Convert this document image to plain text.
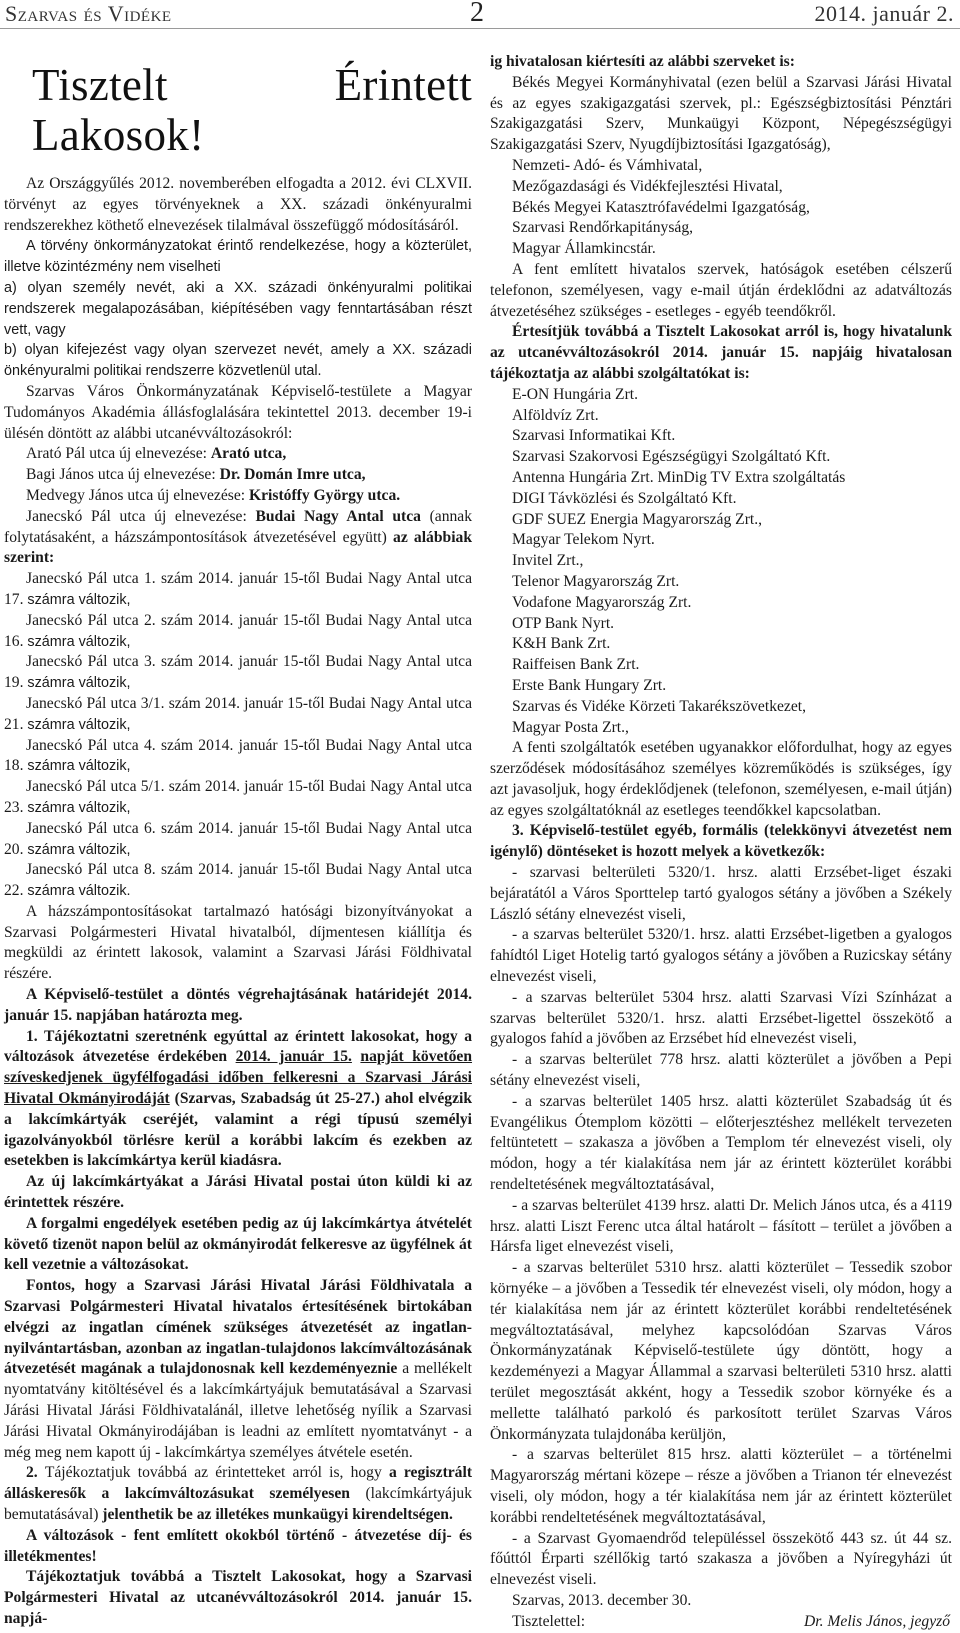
Szarvas és Vidéke	2	2014. január 2.
Tisztelt Érintett Lakosok!

Az Országgyűlés 2012. novemberében elfogadta a 2012. évi CLXVII. törvényt az egyes törvényeknek a XX. századi önkényuralmi rendszerekhez köthető elnevezések tilalmával összefüggő módosításáról.

A törvény önkormányzatokat érintő rendelkezése, hogy a közterület, illetve közintézmény nem viselheti

a) olyan személy nevét, aki a XX. századi önkényuralmi politikai rendszerek megalapozásában, kiépítésében vagy fenntartásában részt vett, vagy

b) olyan kifejezést vagy olyan szervezet nevét, amely a XX. századi önkényuralmi politikai rendszerre közvetlenül utal.

Szarvas Város Önkormányzatának Képviselő-testülete a Magyar Tudományos Akadémia állásfoglalására tekintettel 2013. december 19-i ülésén döntött az alábbi utcanévváltozásokról:

Arató Pál utca új elnevezése: Arató utca,

Bagi János utca új elnevezése: Dr. Domán Imre utca,

Medvegy János utca új elnevezése: Kristóffy György utca.

Janecskó Pál utca új elnevezése: Budai Nagy Antal utca (annak folytatásaként, a házszámpontosítások átvezetésével együtt) az alábbiak szerint:

Janecskó Pál utca 1. szám 2014. január 15-től Budai Nagy Antal utca 17. számra változik,

Janecskó Pál utca 2. szám 2014. január 15-től Budai Nagy Antal utca 16. számra változik,

Janecskó Pál utca 3. szám 2014. január 15-től Budai Nagy Antal utca 19. számra változik,

Janecskó Pál utca 3/1. szám 2014. január 15-től Budai Nagy Antal utca 21. számra változik,

Janecskó Pál utca 4. szám 2014. január 15-től Budai Nagy Antal utca 18. számra változik,

Janecskó Pál utca 5/1. szám 2014. január 15-től Budai Nagy Antal utca 23. számra változik,

Janecskó Pál utca 6. szám 2014. január 15-től Budai Nagy Antal utca 20. számra változik,

Janecskó Pál utca 8. szám 2014. január 15-től Budai Nagy Antal utca 22. számra változik.

A házszámpontosításokat tartalmazó hatósági bizonyítványokat a Szarvasi Polgármesteri Hivatal hivatalból, díjmentesen kiállítja és megküldi az érintett lakosok, valamint a Szarvasi Járási Földhivatal részére.

A Képviselő-testület a döntés végrehajtásának határidejét 2014. január 15. napjában határozta meg.

1. Tájékoztatni szeretnénk egyúttal az érintett lakosokat, hogy a változások átvezetése érdekében 2014. január 15. napját követően szíveskedjenek ügyfélfogadási időben felkeresni a Szarvasi Járási Hivatal Okmányirodáját (Szarvas, Szabadság út 25-27.) ahol elvégzik a lakcímkártyák cseréjét, valamint a régi típusú személyi igazolványokból törlésre kerül a korábbi lakcím és ezekben az esetekben is lakcímkártya kerül kiadásra.

Az új lakcímkártyákat a Járási Hivatal postai úton küldi ki az érintettek részére.

A forgalmi engedélyek esetében pedig az új lakcímkártya átvételét követő tizenöt napon belül az okmányirodát felkeresve az ügyfélnek át kell vezetnie a változásokat.

Fontos, hogy a Szarvasi Járási Hivatal Járási Földhivatala a Szarvasi Polgármesteri Hivatal hivatalos értesítésének birtokában elvégzi az ingatlan címének szükséges átvezetését az ingatlan-nyilvántartásban, azonban az ingatlan-tulajdonos lakcímváltozásának átvezetését magának a tulajdonosnak kell kezdeményeznie a mellékelt nyomtatvány kitöltésével és a lakcímkártyájuk bemutatásával a Szarvasi Járási Hivatal Járási Földhivatalánál, illetve lehetőség nyílik a Szarvasi Járási Hivatal Okmányirodájában is leadni az említett nyomtatványt - a még meg nem kapott új - lakcímkártya személyes átvétele esetén.

2. Tájékoztatjuk továbbá az érintetteket arról is, hogy a regisztrált álláskeresők a lakcímváltozásukat személyesen (lakcímkártyájuk bemutatásával) jelenthetik be az illetékes munkaügyi kirendeltségen.

A változások - fent említett okokból történő - átvezetése díj- és illetékmentes!

Tájékoztatjuk továbbá a Tisztelt Lakosokat, hogy a Szarvasi Polgármesteri Hivatal az utcanévváltozásokról 2014. január 15. napjá-

ig hivatalosan kiértesíti az alábbi szerveket is:

Békés Megyei Kormányhivatal (ezen belül a Szarvasi Járási Hivatal és az egyes szakigazgatási szervek, pl.: Egészségbiztosítási Pénztári Szakigazgatási Szerv, Munkaügyi Központ, Népegészségügyi Szakigazgatási Szerv, Nyugdíjbiztosítási Igazgatóság),

Nemzeti- Adó- és Vámhivatal,

Mezőgazdasági és Vidékfejlesztési Hivatal,

Békés Megyei Katasztrófavédelmi Igazgatóság,

Szarvasi Rendőrkapitányság,

Magyar Államkincstár.

A fent említett hivatalos szervek, hatóságok esetében célszerű telefonon, személyesen, vagy e-mail útján érdeklődni az adatváltozás átvezetéséhez szükséges - esetleges - egyéb teendőkről.

Értesítjük továbbá a Tisztelt Lakosokat arról is, hogy hivatalunk az utcanévváltozásokról 2014. január 15. napjáig hivatalosan tájékoztatja az alábbi szolgáltatókat is:

E-ON Hungária Zrt.

Alföldvíz Zrt.

Szarvasi Informatikai Kft.

Szarvasi Szakorvosi Egészségügyi Szolgáltató Kft.

Antenna Hungária Zrt. MinDig TV Extra szolgáltatás

DIGI Távközlési és Szolgáltató Kft.

GDF SUEZ Energia Magyarország Zrt.,

Magyar Telekom Nyrt.

Invitel Zrt.,

Telenor Magyarország Zrt.

Vodafone Magyarország Zrt.

OTP Bank Nyrt.

K&H Bank Zrt.

Raiffeisen Bank Zrt.

Erste Bank Hungary Zrt.

Szarvas és Vidéke Körzeti Takarékszövetkezet,

Magyar Posta Zrt.,

A fenti szolgáltatók esetében ugyanakkor előfordulhat, hogy az egyes szerződések módosításához személyes közreműködés is szükséges, így azt javasoljuk, hogy érdeklődjenek (telefonon, személyesen, e-mail útján) az egyes szolgáltatóknál az esetleges teendőkkel kapcsolatban.

3. Képviselő-testület egyéb, formális (telekkönyvi átvezetést nem igénylő) döntéseket is hozott melyek a következők:

- szarvasi belterületi 5320/1. hrsz. alatti Erzsébet-liget északi bejáratától a Város Sporttelep tartó gyalogos sétány a jövőben a Székely László sétány elnevezést viseli,

- a szarvas belterület 5320/1. hrsz. alatti Erzsébet-ligetben a gyalogos fahídtól Liget Hotelig tartó gyalogos sétány a jövőben a Ruzicskay sétány elnevezést viseli,

- a szarvas belterület 5304 hrsz. alatti Szarvasi Vízi Színházat a szarvas belterület 5320/1. hrsz. alatti Erzsébet-ligettel összekötő a gyalogos fahíd a jövőben az Erzsébet híd elnevezést viseli,

- a szarvas belterület 778 hrsz. alatti közterület a jövőben a Pepi sétány elnevezést viseli,

- a szarvas belterület 1405 hrsz. alatti közterület Szabadság út és Evangélikus Ótemplom közötti – előterjesztéshez mellékelt tervezeten feltüntetett – szakasza a jövőben a Templom tér elnevezést viseli, oly módon, hogy a tér kialakítása nem jár az érintett közterület korábbi rendeltetésének megváltoztatásával,

- a szarvas belterület 4139 hrsz. alatti Dr. Melich János utca, és a 4119 hrsz. alatti Liszt Ferenc utca által határolt – fásított – terület a jövőben a Hársfa liget elnevezést viseli,

- a szarvas belterület 5310 hrsz. alatti közterület – Tessedik szobor környéke – a jövőben a Tessedik tér elnevezést viseli, oly módon, hogy a tér kialakítása nem jár az érintett közterület korábbi rendeltetésének megváltoztatásával, melyhez kapcsolódóan Szarvas Város Önkormányzatának Képviselő-testülete úgy döntött, hogy a kezdeményezi a Magyar Állammal a szarvasi belterületi 5310 hrsz. alatti terület megosztását akként, hogy a Tessedik szobor környéke és a mellette található parkoló és parkosított terület Szarvas Város Önkormányzata tulajdonába kerüljön,

- a szarvas belterület 815 hrsz. alatti közterület – a történelmi Magyarország mértani közepe – része a jövőben a Trianon tér elnevezést viseli, oly módon, hogy a tér kialakítása nem jár az érintett közterület korábbi rendeltetésének megváltoztatásával,

- a Szarvast Gyomaendrőd településsel összekötő 443 sz. út 44 sz. főúttól Érparti széllőkig tartó szakasza a jövőben a Nyíregyházi út elnevezést viseli.

Szarvas, 2013. december 30.

Tisztelettel:	Dr. Melis János, jegyző
